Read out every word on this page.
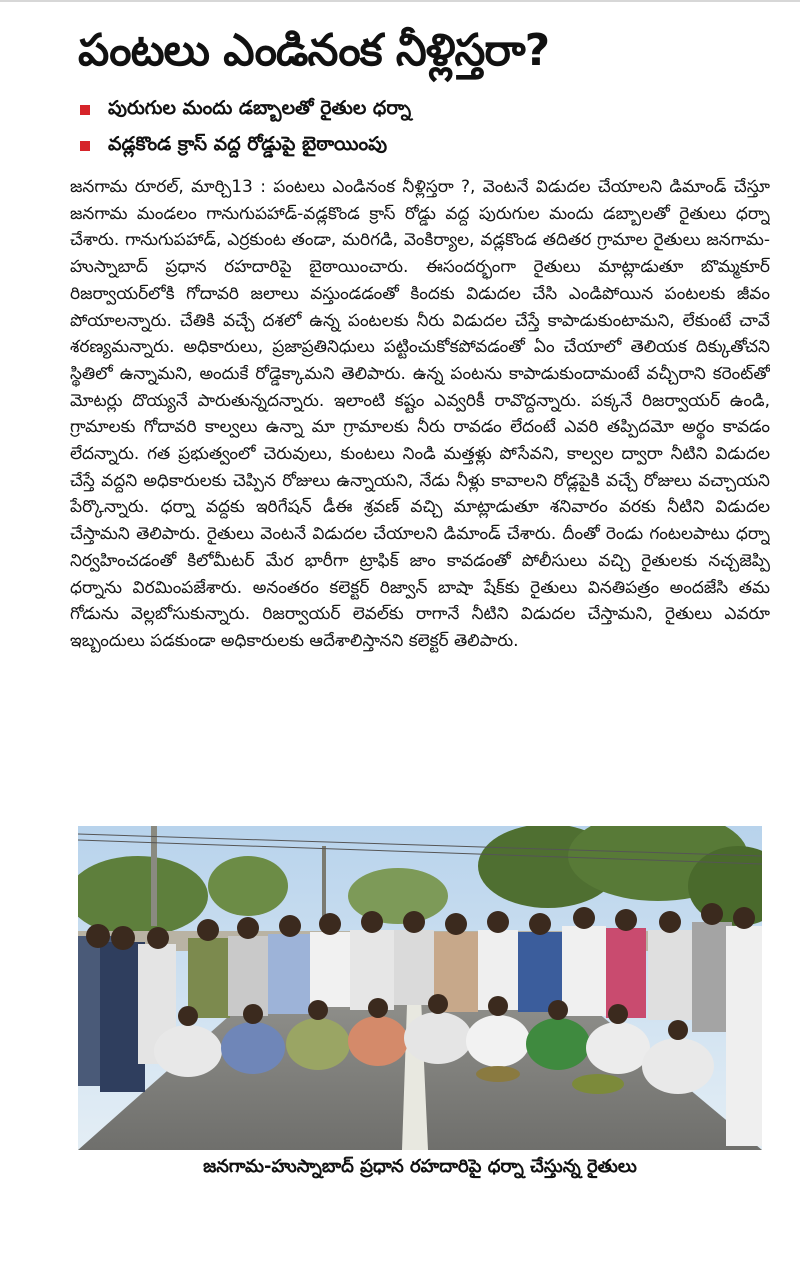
పంటలు ఎండినంక నీళ్లిస్తరా?
పురుగుల మందు డబ్బాలతో రైతుల ధర్నా
వడ్లకొండ క్రాస్ వద్ద రోడ్డుపై బైఠాయింపు

జనగామ రూరల్, మార్చి13 : పంటలు ఎండినంక నీళ్లిస్తరా ?, వెంటనే విడుదల చేయాలని డిమాండ్ చేస్తూ జనగామ మండలం గానుగుపహాడ్-వడ్లకొండ క్రాస్ రోడ్డు వద్ద పురుగుల మందు డబ్బాలతో రైతులు ధర్నా చేశారు. గానుగుపహాడ్, ఎర్రకుంట తండా, మరిగడి, వెంకిర్యాల, వడ్లకొండ తదితర గ్రామాల రైతులు జనగామ-హుస్నాబాద్ ప్రధాన రహదారిపై బైఠాయించారు. ఈసందర్భంగా రైతులు మాట్లాడుతూ బొమ్మకూర్ రిజర్వాయర్‌లోకి గోదావరి జలాలు వస్తుండడంతో కిందకు విడుదల చేసి ఎండిపోయిన పంటలకు జీవం పోయాలన్నారు. చేతికి వచ్చే దశలో ఉన్న పంటలకు నీరు విడుదల చేస్తే కాపాడుకుంటామని, లేకుంటే చావే శరణ్యమన్నారు. అధికారులు, ప్రజాప్రతినిధులు పట్టించుకోకపోవడంతో ఏం చేయాలో తెలియక దిక్కుతోచని స్థితిలో ఉన్నామని, అందుకే రోడ్డెక్కామని తెలిపారు. ఉన్న పంటను కాపాడుకుందామంటే వచ్చీరాని కరెంట్‌తో మోటర్లు దొయ్యనే పారుతున్నదన్నారు. ఇలాంటి కష్టం ఎవ్వరికీ రావొద్దన్నారు. పక్కనే రిజర్వాయర్ ఉండి, గ్రామాలకు గోదావరి కాల్వలు ఉన్నా మా గ్రామాలకు నీరు రావడం లేదంటే ఎవరి తప్పిదమో అర్థం కావడం లేదన్నారు. గత ప్రభుత్వంలో చెరువులు, కుంటలు నిండి మత్తళ్లు పోసేవని, కాల్వల ద్వారా నీటిని విడుదల చేస్తే వద్దని అధికారులకు చెప్పిన రోజులు ఉన్నాయని, నేడు నీళ్లు కావాలని రోడ్లపైకి వచ్చే రోజులు వచ్చాయని పేర్కొన్నారు. ధర్నా వద్దకు ఇరిగేషన్ డీఈ శ్రవణ్ వచ్చి మాట్లాడుతూ శనివారం వరకు నీటిని విడుదల చేస్తామని తెలిపారు. రైతులు వెంటనే విడుదల చేయాలని డిమాండ్ చేశారు. దీంతో రెండు గంటలపాటు ధర్నా నిర్వహించడంతో కిలోమీటర్ మేర భారీగా ట్రాఫిక్ జాం కావడంతో పోలీసులు వచ్చి రైతులకు నచ్చజెప్పి ధర్నాను విరమింపజేశారు. అనంతరం కలెక్టర్ రిజ్వాన్ బాషా షేక్‌కు రైతులు వినతిపత్రం అందజేసి తమ గోడును వెల్లబోసుకున్నారు. రిజర్వాయర్ లెవల్‌కు రాగానే నీటిని విడుదల చేస్తామని, రైతులు ఎవరూ ఇబ్బందులు పడకుండా అధికారులకు ఆదేశాలిస్తానని కలెక్టర్ తెలిపారు.

జనగామ-హుస్నాబాద్ ప్రధాన రహదారిపై ధర్నా చేస్తున్న రైతులు
